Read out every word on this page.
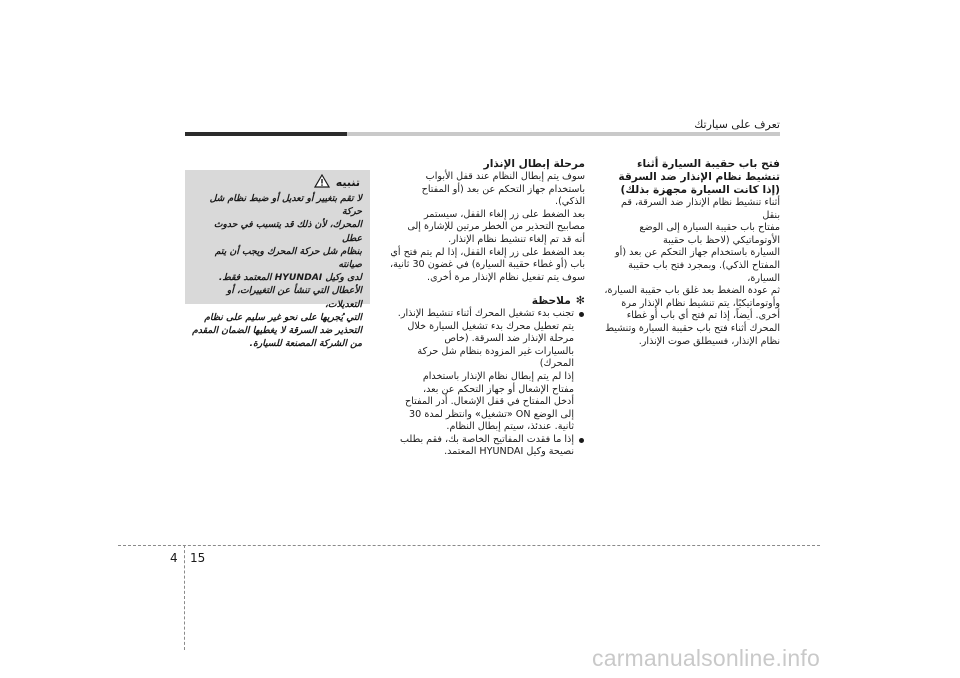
تعرف على سيارتك
فتح باب حقيبة السيارة أثناء تنشيط نظام الإنذار ضد السرقة
(إذا كانت السيارة مجهزة بذلك)

أثناء تنشيط نظام الإنذار ضد السرقة، قم بنقل

مفتاح باب حقيبة السيارة إلى الوضع الأوتوماتيكي (لاحظ باب حقيبة

السيارة باستخدام جهاز التحكم عن بعد (أو

المفتاح الذكي). وبمجرد فتح باب حقيبة السيارة،

ثم عودة الضغط بعد غلق باب حقيبة السيارة،

وأوتوماتيكيًا، يتم تنشيط نظام الإنذار مرة

أخرى. أيضاً، إذا تم فتح أي باب أو غطاء

المحرك أثناء فتح باب حقيبة السيارة وتنشيط

نظام الإنذار، فسيطلق صوت الإنذار.

مرحلة إبطال الإنذار

سوف يتم إبطال النظام عند قفل الأبواب

باستخدام جهاز التحكم عن بعد (أو المفتاح

الذكي).

بعد الضغط على زر إلغاء القفل، سيستمر

مصابيح التحذير من الخطر مرتين للإشارة إلى

أنه قد تم إلغاء تنشيط نظام الإنذار.

بعد الضغط على زر إلغاء القفل، إذا لم يتم فتح أي

باب (أو غطاء حقيبة السيارة) في غضون 30 ثانية،

سوف يتم تفعيل نظام الإنذار مرة أخرى.

✻
ملاحظة

تجنب بدء تشغيل المحرك أثناء تنشيط الإنذار.

يتم تعطيل محرك بدء تشغيل السيارة خلال

مرحلة الإنذار ضد السرقة. (خاص

بالسيارات غير المزودة بنظام شل حركة

المحرك)

إذا لم يتم إبطال نظام الإنذار باستخدام

مفتاح الإشعال أو جهاز التحكم عن بعد،

أدخل المفتاح في قفل الإشعال. أدر المفتاح

إلى الوضع ON «تشغيل» وانتظر لمدة 30

ثانية. عندئذ، سيتم إبطال النظام.

إذا ما فقدت المفاتيح الخاصة بك، فقم بطلب

نصيحة وكيل HYUNDAI المعتمد.

تنبيه

لا تقم بتغيير أو تعديل أو ضبط نظام شل حركة

المحرك، لأن ذلك قد يتسبب في حدوث عطل

بنظام شل حركة المحرك ويجب أن يتم صيانته

لدى وكيل HYUNDAI المعتمد فقط.

الأعطال التي تنشأ عن التغييرات، أو التعديلات،

التي يُجريها على نحو غير سليم على نظام

التحذير ضد السرقة لا يغطيها الضمان المقدم

من الشركة المصنعة للسيارة.

4 15
carmanualsonline.info
